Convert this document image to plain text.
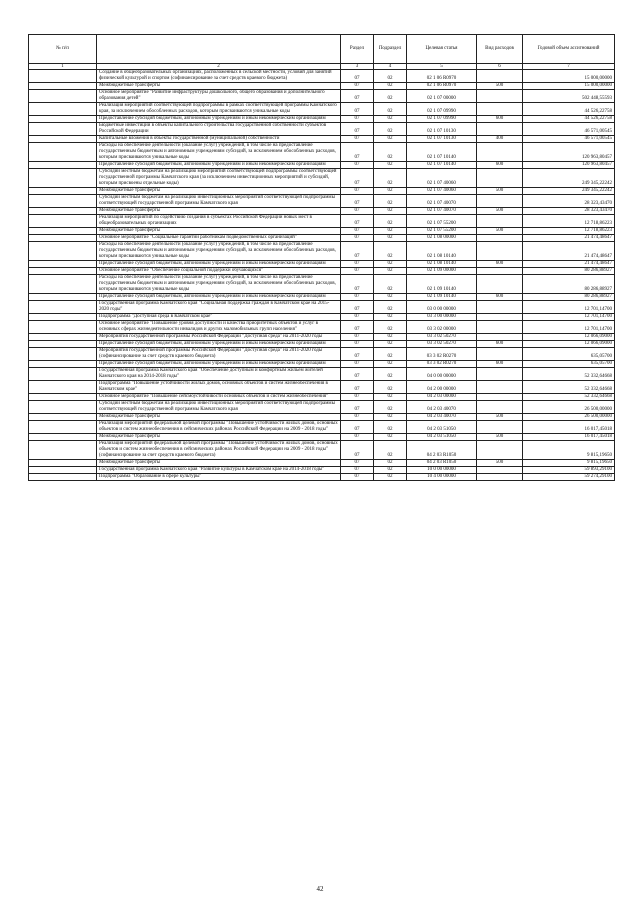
№ п/п		Раздел	Подраздел	Целевая статья	Вид расходов	Годовой объем ассигнований
1	2	3	4	5	6	7
	Создание в общеобразовательных организациях, расположенных в сельской местности, условий для занятий физической культурой и спортом (софинансирование за счет средств краевого бюджета)	07	02	02 1 06 R0970		15 000,00000
	Межбюджетные трансферты	07	02	02 1 06 R0970	500	15 000,00000
	Основное мероприятие "Развитие инфраструктуры дошкольного, общего образования и дополнительного образования детей"	07	02	02 1 07 00000		502 448,55593
	Реализация мероприятий соответствующей подпрограммы в рамках соответствующей программы Камчатского края, за исключением обособленных расходов, которым присваиваются уникальные коды	07	02	02 1 07 09990		44 526,22758
	Предоставление субсидий бюджетным, автономным учреждениям и иным некоммерческим организациям	07	02	02 1 07 09990	600	44 526,22758
	Бюджетные инвестиции в объекты капитального строительства государственной собственности субъектов Российской Федерации	07	02	02 1 07 10130		46 571,00545
	Капитальные вложения в объекты государственной (муниципальной) собственности	07	02	02 1 07 10130	400	46 571,00545
	Расходы на обеспечение деятельности (оказание услуг) учреждений, в том числе на предоставление государственным бюджетным и автономным учреждениям субсидий, за исключением обособленных расходов, которым присваиваются уникальные коды	07	02	02 1 07 10140		120 963,80457
	Предоставление субсидий бюджетным, автономным учреждениям и иным некоммерческим организациям	07	02	02 1 07 10140	600	120 963,80457
	Субсидии местным бюджетам на реализацию мероприятий соответствующей подпрограммы соответствующей государственной программы Камчатского края (за исключением инвестиционных мероприятий и субсидий, которым присвоены отдельные коды)	07	02	02 1 07 40060		249 345,22242
	Межбюджетные трансферты	07	02	02 1 07 40060	500	249 345,22242
	Субсидии местным бюджетам на реализацию инвестиционных мероприятий соответствующей подпрограммы соответствующей государственной программы Камчатского края	07	02	02 1 07 40070		28 323,43470
	Межбюджетные трансферты	07	02	02 1 07 40070	500	28 323,43470
	Реализация мероприятий по содействию создания в субъектах Российской Федерации новых мест в общеобразовательных организациях	07	02	02 1 07 55200		12 718,86223
	Межбюджетные трансферты	07	02	02 1 07 55200	500	12 718,86223
	Основное мероприятие "Социальные гарантии работникам подведомственных организаций"	07	02	02 1 08 00000		21 474,48647
	Расходы на обеспечение деятельности (оказание услуг) учреждений, в том числе на предоставление государственным бюджетным и автономным учреждениям субсидий, за исключением обособленных расходов, которым присваиваются уникальные коды	07	02	02 1 08 10140		21 474,48647
	Предоставление субсидий бюджетным, автономным учреждениям и иным некоммерческим организациям	07	02	02 1 08 10140	600	21 474,48647
	Основное мероприятие "Обеспечение социальной поддержки обучающихся"	07	02	02 1 09 00000		80 286,88927
	Расходы на обеспечение деятельности (оказание услуг) учреждений, в том числе на предоставление государственным бюджетным и автономным учреждениям субсидий, за исключением обособленных расходов, которым присваиваются уникальные коды	07	02	02 1 09 10140		80 286,88927
	Предоставление субсидий бюджетным, автономным учреждениям и иным некоммерческим организациям	07	02	02 1 09 10140	600	80 286,88927
	Государственная программа Камчатского края "Социальная поддержка граждан в Камчатском крае на 2015-2020 годы"	07	02	03 0 00 00000		12 701,14700
	Подпрограмма "Доступная среда в Камчатском крае"	07	02	03 3 00 00000		12 701,14700
	Основное мероприятие "Повышение уровня доступности и качества приоритетных объектов и услуг в основных сферах жизнедеятельности инвалидов и других маломобильных групп населения"	07	02	03 3 02 00000		12 701,14700
	Мероприятия государственной программы Российской Федерации "Доступная среда" на 2011-2020 годы	07	02	03 3 02 50270		12 066,09000
	Предоставление субсидий бюджетным, автономным учреждениям и иным некоммерческим организациям	07	02	03 3 02 50270	600	12 066,09000
	Мероприятия государственной программы Российской Федерации "Доступная среда" на 2011-2020 годы (софинансирование за счет средств краевого бюджета)	07	02	03 3 02 R0270		635,05700
	Предоставление субсидий бюджетным, автономным учреждениям и иным некоммерческим организациям	07	02	03 3 02 R0270	600	635,05700
	Государственная программа Камчатского края "Обеспечение доступным и комфортным жильем жителей Камчатского края на 2014-2018 годы"	07	02	04 0 00 00000		52 332,64668
	Подпрограмма "Повышение устойчивости жилых домов, основных объектов и систем жизнеобеспечения в Камчатском крае"	07	02	04 2 00 00000		52 332,64668
	Основное мероприятие "Повышение сейсмоустойчивости основных объектов и систем жизнеобеспечения"	07	02	04 2 03 00000		52 332,64668
	Субсидии местным бюджетам на реализацию инвестиционных мероприятий соответствующей подпрограммы соответствующей государственной программы Камчатского края	07	02	04 2 03 40070		26 500,00000
	Межбюджетные трансферты	07	02	04 2 03 40070	500	26 500,00000
	Реализация мероприятий федеральной целевой программы "Повышение устойчивости жилых домов, основных объектов и систем жизнеобеспечения в сейсмических районах Российской Федерации на 2009 - 2018 годы"	07	02	04 2 03 51050		16 017,45018
	Межбюджетные трансферты	07	02	04 2 03 51050	500	16 017,45018
	Реализация мероприятий федеральной целевой программы "Повышение устойчивости жилых домов, основных объектов и систем жизнеобеспечения в сейсмических районах Российской Федерации на 2009 - 2018 годы" (софинансирование за счет средств краевого бюджета)	07	02	04 2 03 R1050		9 815,19650
	Межбюджетные трансферты	07	02	04 2 03 R1050	500	9 815,19650
	Государственная программа Камчатского края "Развитие культуры в Камчатском крае на 2014-2018 годы"	07	02	10 0 00 00000		59 893,29100
	Подпрограмма "Образование в сфере культуры"	07	02	10 4 00 00000		59 274,29100
42
